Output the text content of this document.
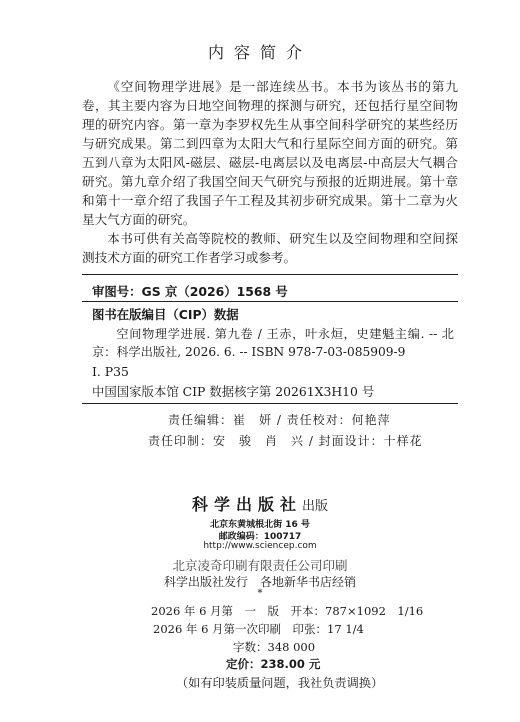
内容简介

《空间物理学进展》是一部连续丛书。本书为该丛书的第九卷，其主要内容为日地空间物理的探测与研究，还包括行星空间物理的研究内容。第一章为李罗权先生从事空间科学研究的某些经历与研究成果。第二到四章为太阳大气和行星际空间方面的研究。第五到八章为太阳风-磁层、磁层-电离层以及电离层-中高层大气耦合研究。第九章介绍了我国空间天气研究与预报的近期进展。第十章和第十一章介绍了我国子午工程及其初步研究成果。第十二章为火星大气方面的研究。

本书可供有关高等院校的教师、研究生以及空间物理和空间探测技术方面的研究工作者学习或参考。

审图号：GS 京（2026）1568 号
图书在版编目（CIP）数据

空间物理学进展. 第九卷 / 王赤，叶永烜，史建魁主编. -- 北京：科学出版社, 2026. 6. -- ISBN 978-7-03-085909-9

Ⅰ. P35
中国国家版本馆 CIP 数据核字第 20261X3H10 号
责任编辑：崔　妍 / 责任校对：何艳萍
责任印制：安　骏　肖　兴 / 封面设计：十样花
科学出版社出版
北京东黄城根北街 16 号
邮政编码：100717
http://www.sciencep.com
北京凌奇印刷有限责任公司印刷
科学出版社发行　各地新华书店经销
*
2026 年 6 月第　一　版　开本：787×1092　1/16
2026 年 6 月第一次印刷　印张：17 1/4
字数：348 000
定价：238.00 元
（如有印装质量问题，我社负责调换）
